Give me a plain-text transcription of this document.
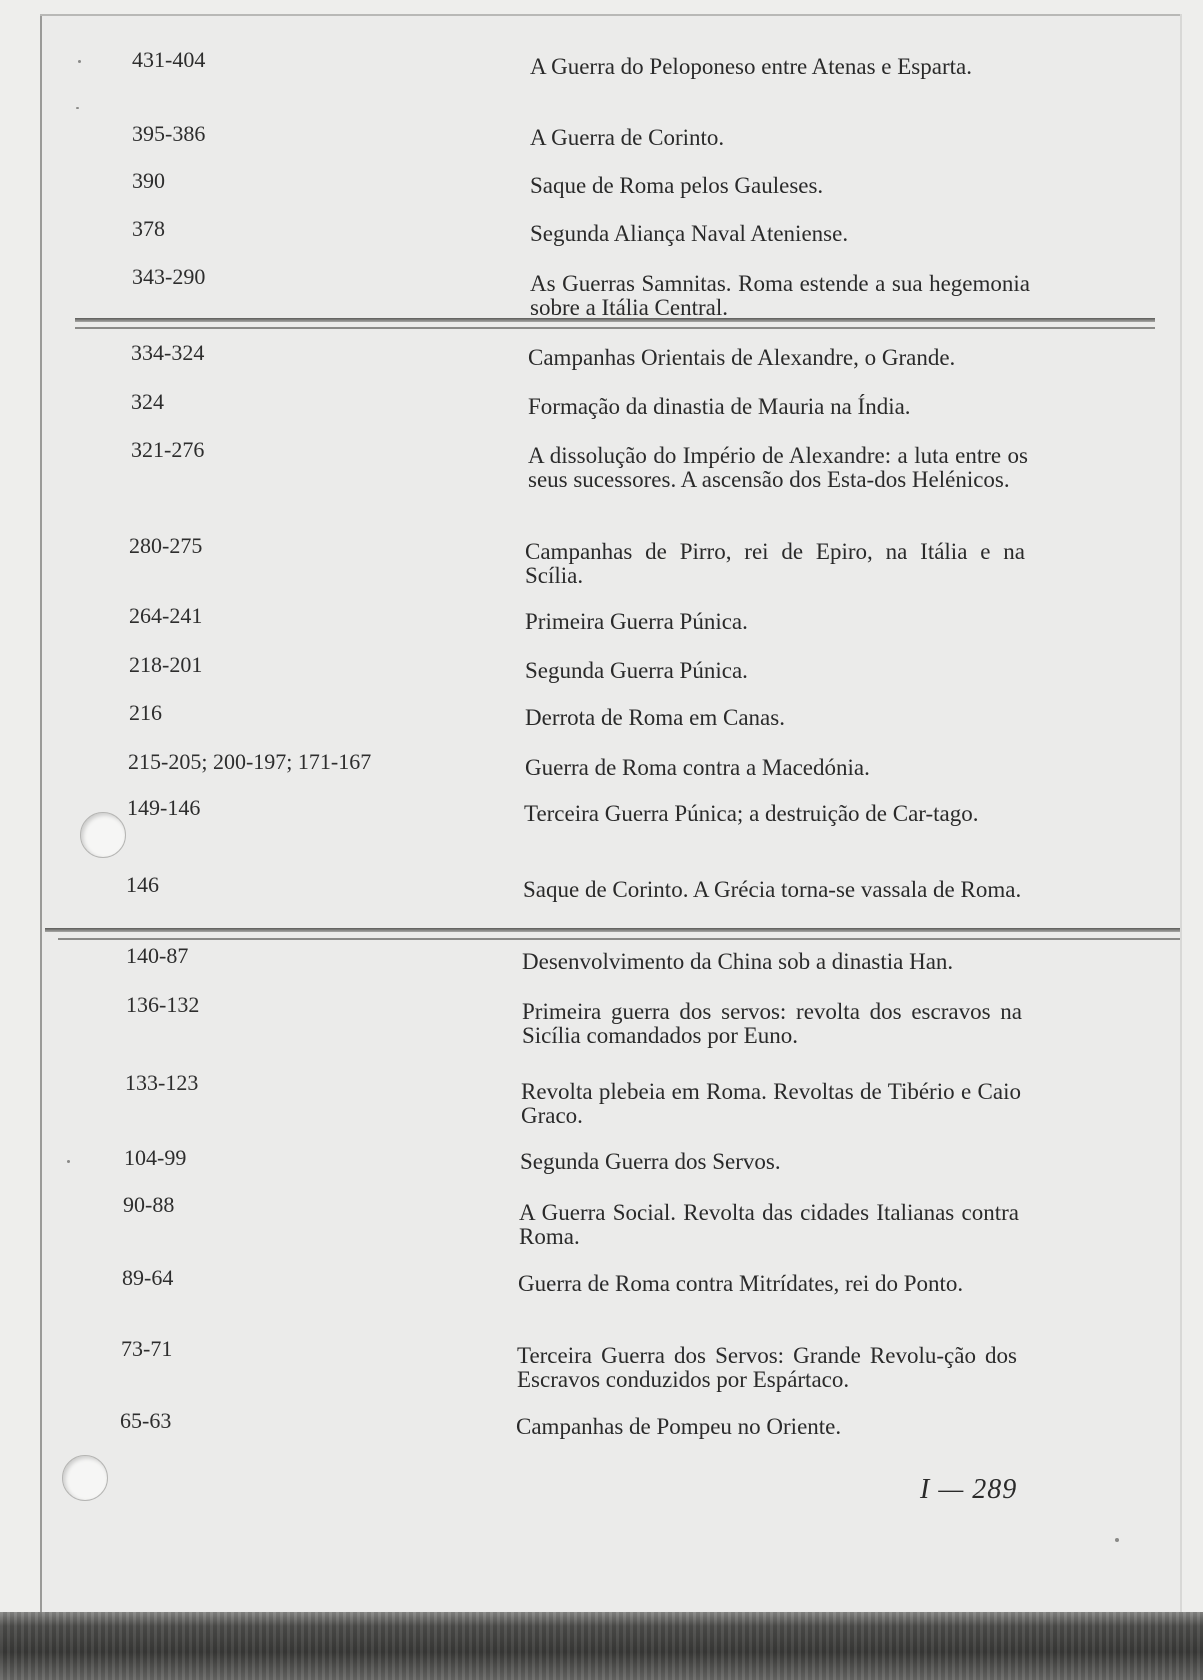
431-404	A Guerra do Peloponeso entre Atenas e Esparta.
395-386	A Guerra de Corinto.
390	Saque de Roma pelos Gauleses.
378	Segunda Aliança Naval Ateniense.
343-290	As Guerras Samnitas. Roma estende a sua hegemonia sobre a Itália Central.
334-324	Campanhas Orientais de Alexandre, o Grande.
324	Formação da dinastia de Mauria na Índia.
321-276	A dissolução do Império de Alexandre: a luta entre os seus sucessores. A ascensão dos Esta-dos Helénicos.
280-275	Campanhas de Pirro, rei de Epiro, na Itália e na Scília.
264-241	Primeira Guerra Púnica.
218-201	Segunda Guerra Púnica.
216	Derrota de Roma em Canas.
215-205; 200-197; 171-167	Guerra de Roma contra a Macedónia.
149-146	Terceira Guerra Púnica; a destruição de Car-tago.
146	Saque de Corinto. A Grécia torna-se vassala de Roma.
140-87	Desenvolvimento da China sob a dinastia Han.
136-132	Primeira guerra dos servos: revolta dos escravos na Sicília comandados por Euno.
133-123	Revolta plebeia em Roma. Revoltas de Tibério e Caio Graco.
104-99	Segunda Guerra dos Servos.
90-88	A Guerra Social. Revolta das cidades Italianas contra Roma.
89-64	Guerra de Roma contra Mitrídates, rei do Ponto.
73-71	Terceira Guerra dos Servos: Grande Revolu-ção dos Escravos conduzidos por Espártaco.
65-63	Campanhas de Pompeu no Oriente.
I — 289
